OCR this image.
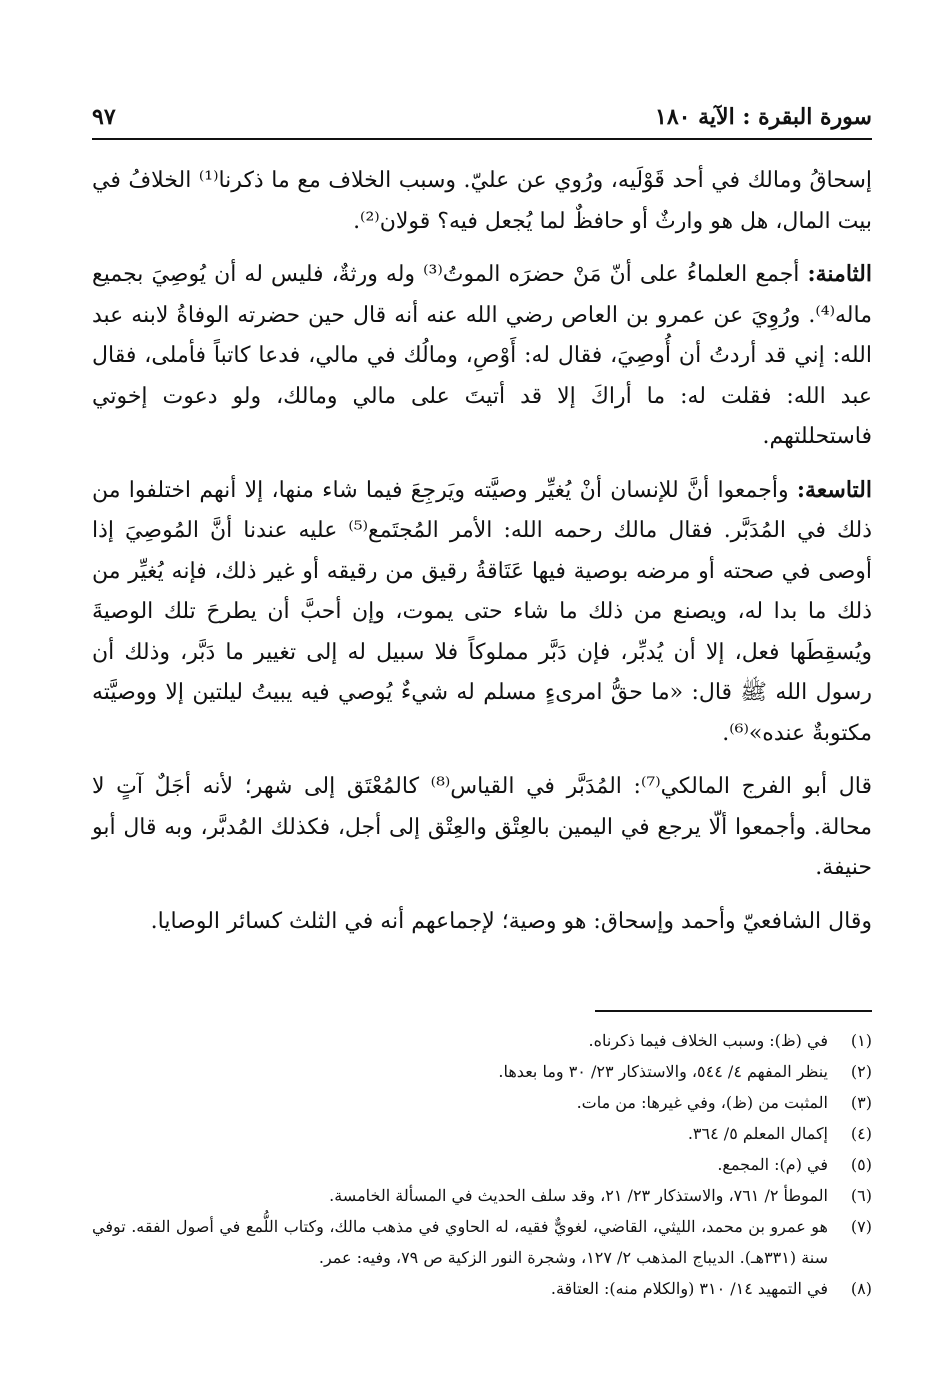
سورة البقرة : الآية ١٨٠
٩٧

إسحاقُ ومالك في أحد قَوْلَيه، ورُوي عن عليّ. وسبب الخلاف مع ما ذكرنا⁽¹⁾ الخلافُ في بيت المال، هل هو وارثٌ أو حافظٌ لما يُجعل فيه؟ قولان⁽²⁾.

الثامنة: أجمع العلماءُ على أنّ مَنْ حضرَه الموتُ⁽³⁾ وله ورثةٌ، فليس له أن يُوصِيَ بجميع ماله⁽⁴⁾. ورُوِيَ عن عمرو بن العاص رضي الله عنه أنه قال حين حضرته الوفاةُ لابنه عبد الله: إني قد أردتُ أن أُوصِيَ، فقال له: أَوْصِ، ومالُك في مالي، فدعا كاتباً فأملى، فقال عبد الله: فقلت له: ما أراكَ إلا قد أتيتَ على مالي ومالك، ولو دعوت إخوتي فاستحللتهم.

التاسعة: وأجمعوا أنَّ للإنسان أنْ يُغيِّر وصيَّته ويَرجِعَ فيما شاء منها، إلا أنهم اختلفوا من ذلك في المُدَبَّر. فقال مالك رحمه الله: الأمر المُجتَمع⁽⁵⁾ عليه عندنا أنَّ المُوصِيَ إذا أوصى في صحته أو مرضه بوصية فيها عَتَاقةُ رقيق من رقيقه أو غير ذلك، فإنه يُغيِّر من ذلك ما بدا له، ويصنع من ذلك ما شاء حتى يموت، وإن أحبَّ أن يطرحَ تلك الوصيةَ ويُسقِطَها فعل، إلا أن يُدبِّر، فإن دَبَّر مملوكاً فلا سبيل له إلى تغيير ما دَبَّر، وذلك أن رسول الله ﷺ قال: «ما حقُّ امرىءٍ مسلم له شيءٌ يُوصي فيه يبيتُ ليلتين إلا ووصيَّته مكتوبةٌ عنده»⁽⁶⁾.

قال أبو الفرج المالكي⁽⁷⁾: المُدَبَّر في القياس⁽⁸⁾ كالمُعْتَق إلى شهر؛ لأنه أجَلٌ آتٍ لا محالة. وأجمعوا ألّا يرجع في اليمين بالعِتْق والعِتْق إلى أجل، فكذلك المُدبَّر، وبه قال أبو حنيفة.

وقال الشافعيّ وأحمد وإسحاق: هو وصية؛ لإجماعهم أنه في الثلث كسائر الوصايا.

(١)
في (ظ): وسبب الخلاف فيما ذكرناه.
(٢)
ينظر المفهم ٤/ ٥٤٤، والاستذكار ٢٣/ ٣٠ وما بعدها.
(٣)
المثبت من (ظ)، وفي غيرها: من مات.
(٤)
إكمال المعلم ٥/ ٣٦٤.
(٥)
في (م): المجمع.
(٦)
الموطأ ٢/ ٧٦١، والاستذكار ٢٣/ ٢١، وقد سلف الحديث في المسألة الخامسة.
(٧)
هو عمرو بن محمد، الليثي، القاضي، لغويٌّ فقيه، له الحاوي في مذهب مالك، وكتاب اللُّمع في أصول الفقه. توفي سنة (٣٣١هـ). الديباج المذهب ٢/ ١٢٧، وشجرة النور الزكية ص ٧٩، وفيه: عمر.
(٨)
في التمهيد ١٤/ ٣١٠ (والكلام منه): العتاقة.
